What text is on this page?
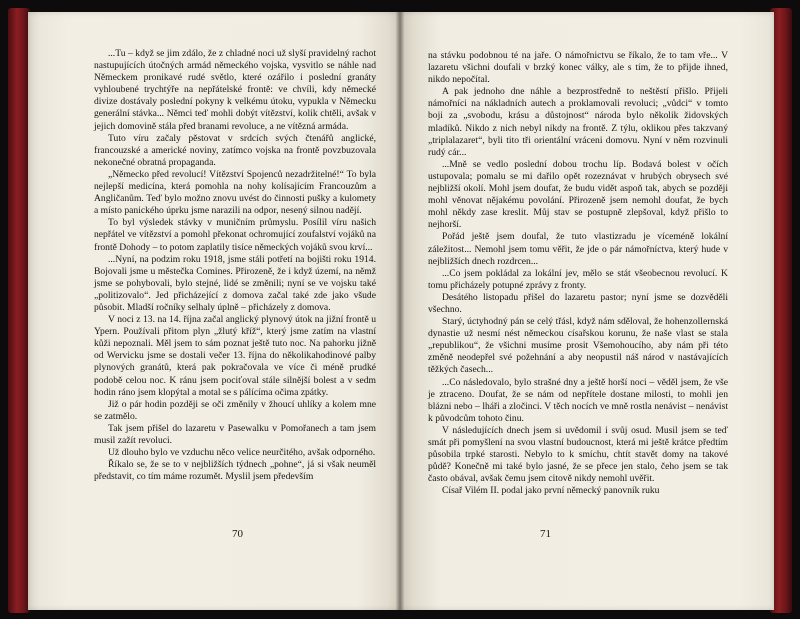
...Tu – když se jim zdálo, že z chladné noci už slyší pravidelný rachot nastupujících útočných armád německého vojska, vysvitlo se náhle nad Německem pronikavé rudé světlo, které ozářilo i poslední granáty vyhloubené trychtýře na nepřátelské frontě: ve chvíli, kdy německé divize dostávaly poslední pokyny k velkému útoku, vypukla v Německu generální stávka... Němci teď mohli dobýt vítězství, kolik chtěli, avšak v jejich domovině stála před branami revoluce, a ne vítězná armáda.

Tuto víru začaly pěstovat v srdcích svých čtenářů anglické, francouzské a americké noviny, zatímco vojska na frontě povzbuzovala nekonečné obratná propaganda.

„Německo před revolucí! Vítězství Spojenců nezadržitelné!“ To byla nejlepší medicína, která pomohla na nohy kolísajícím Francouzům a Angličanům. Teď bylo možno znovu uvést do činnosti pušky a kulomety a místo panického úprku jsme narazili na odpor, nesený silnou nadějí.

To byl výsledek stávky v muničním průmyslu. Posílil víru našich nepřátel ve vítězství a pomohl překonat ochromující zoufalství vojáků na frontě Dohody – to potom zaplatily tisíce německých vojáků svou krví...

...Nyní, na podzim roku 1918, jsme stáli potřetí na bojišti roku 1914. Bojovali jsme u městečka Comines. Přirozeně, že i když území, na němž jsme se pohybovali, bylo stejné, lidé se změnili; nyní se ve vojsku také „politizovalo“. Jed přicházející z domova začal také zde jako všude působit. Mladší ročníky selhaly úplně – přicházely z domova.

V noci z 13. na 14. října začal anglický plynový útok na jižní frontě u Ypern. Používali přitom plyn „žlutý kříž“, který jsme zatím na vlastní kůži nepoznali. Měl jsem to sám poznat ještě tuto noc. Na pahorku jižně od Wervicku jsme se dostali večer 13. října do několikahodinové palby plynových granátů, která pak pokračovala ve více či méně prudké podobě celou noc. K ránu jsem pociťoval stále silnější bolest a v sedm hodin ráno jsem klopýtal a motal se s pálícíma očima zpátky.

Již o pár hodin později se oči změnily v žhoucí uhlíky a kolem mne se zatmělo.

Tak jsem přišel do lazaretu v Pasewalku v Pomořanech a tam jsem musil zažít revoluci.

Už dlouho bylo ve vzduchu něco velice neurčitého, avšak odporného.

Říkalo se, že se to v nejbližších týdnech „pohne“, já si však neuměl představit, co tím máme rozumět. Myslil jsem především

70

na stávku podobnou té na jaře. O námořnictvu se říkalo, že to tam vře... V lazaretu všichni doufali v brzký konec války, ale s tím, že to přijde ihned, nikdo nepočítal.

A pak jednoho dne náhle a bezprostředně to neštěstí přišlo. Přijeli námořníci na nákladních autech a proklamovali revoluci; „vůdci“ v tomto boji za „svobodu, krásu a důstojnost“ národa bylo několik židovských mladíků. Nikdo z nich nebyl nikdy na frontě. Z týlu, oklikou přes takzvaný „triplalazaret“, byli tito tři orientální vráceni domovu. Nyní v něm rozvinuli rudý cár...

...Mně se vedlo poslední dobou trochu líp. Bodavá bolest v očích ustupovala; pomalu se mi dařilo opět rozeznávat v hrubých obrysech své nejbližší okolí. Mohl jsem doufat, že budu vidět aspoň tak, abych se později mohl věnovat nějakému povolání. Přirozeně jsem nemohl doufat, že bych mohl někdy zase kreslit. Můj stav se postupně zlepšoval, když přišlo to nejhorší.

Pořád ještě jsem doufal, že tuto vlastizradu je víceméně lokální záležitost... Nemohl jsem tomu věřit, že jde o pár námořníctva, který hude v nejbližších dnech rozdrcen...

...Co jsem pokládal za lokální jev, mělo se stát všeobecnou revolucí. K tomu přicházely potupné zprávy z fronty.

Desátého listopadu přišel do lazaretu pastor; nyní jsme se dozvěděli všechno.

Starý, úctyhodný pán se celý třásl, když nám sděloval, že hohenzollernská dynastie už nesmí nést německou císařskou korunu, že naše vlast se stala „republikou“, že všichni musíme prosit Všemohoucího, aby nám při této změně neodepřel své požehnání a aby neopustil náš národ v nastávajících těžkých časech...

...Co následovalo, bylo strašné dny a ještě horší noci – věděl jsem, že vše je ztraceno. Doufat, že se nám od nepřítele dostane milosti, to mohli jen blázni nebo – lháři a zločinci. V těch nocích ve mně rostla nenávist – nenávist k původcům tohoto činu.

V následujících dnech jsem si uvědomil i svůj osud. Musil jsem se teď smát při pomyšlení na svou vlastní budoucnost, která mi ještě krátce předtím působila trpké starosti. Nebylo to k smíchu, chtít stavět domy na takové půdě? Konečně mi také bylo jasné, že se přece jen stalo, čeho jsem se tak často obával, avšak čemu jsem citově nikdy nemohl uvěřit.

Císař Vilém II. podal jako první německý panovník ruku

71
